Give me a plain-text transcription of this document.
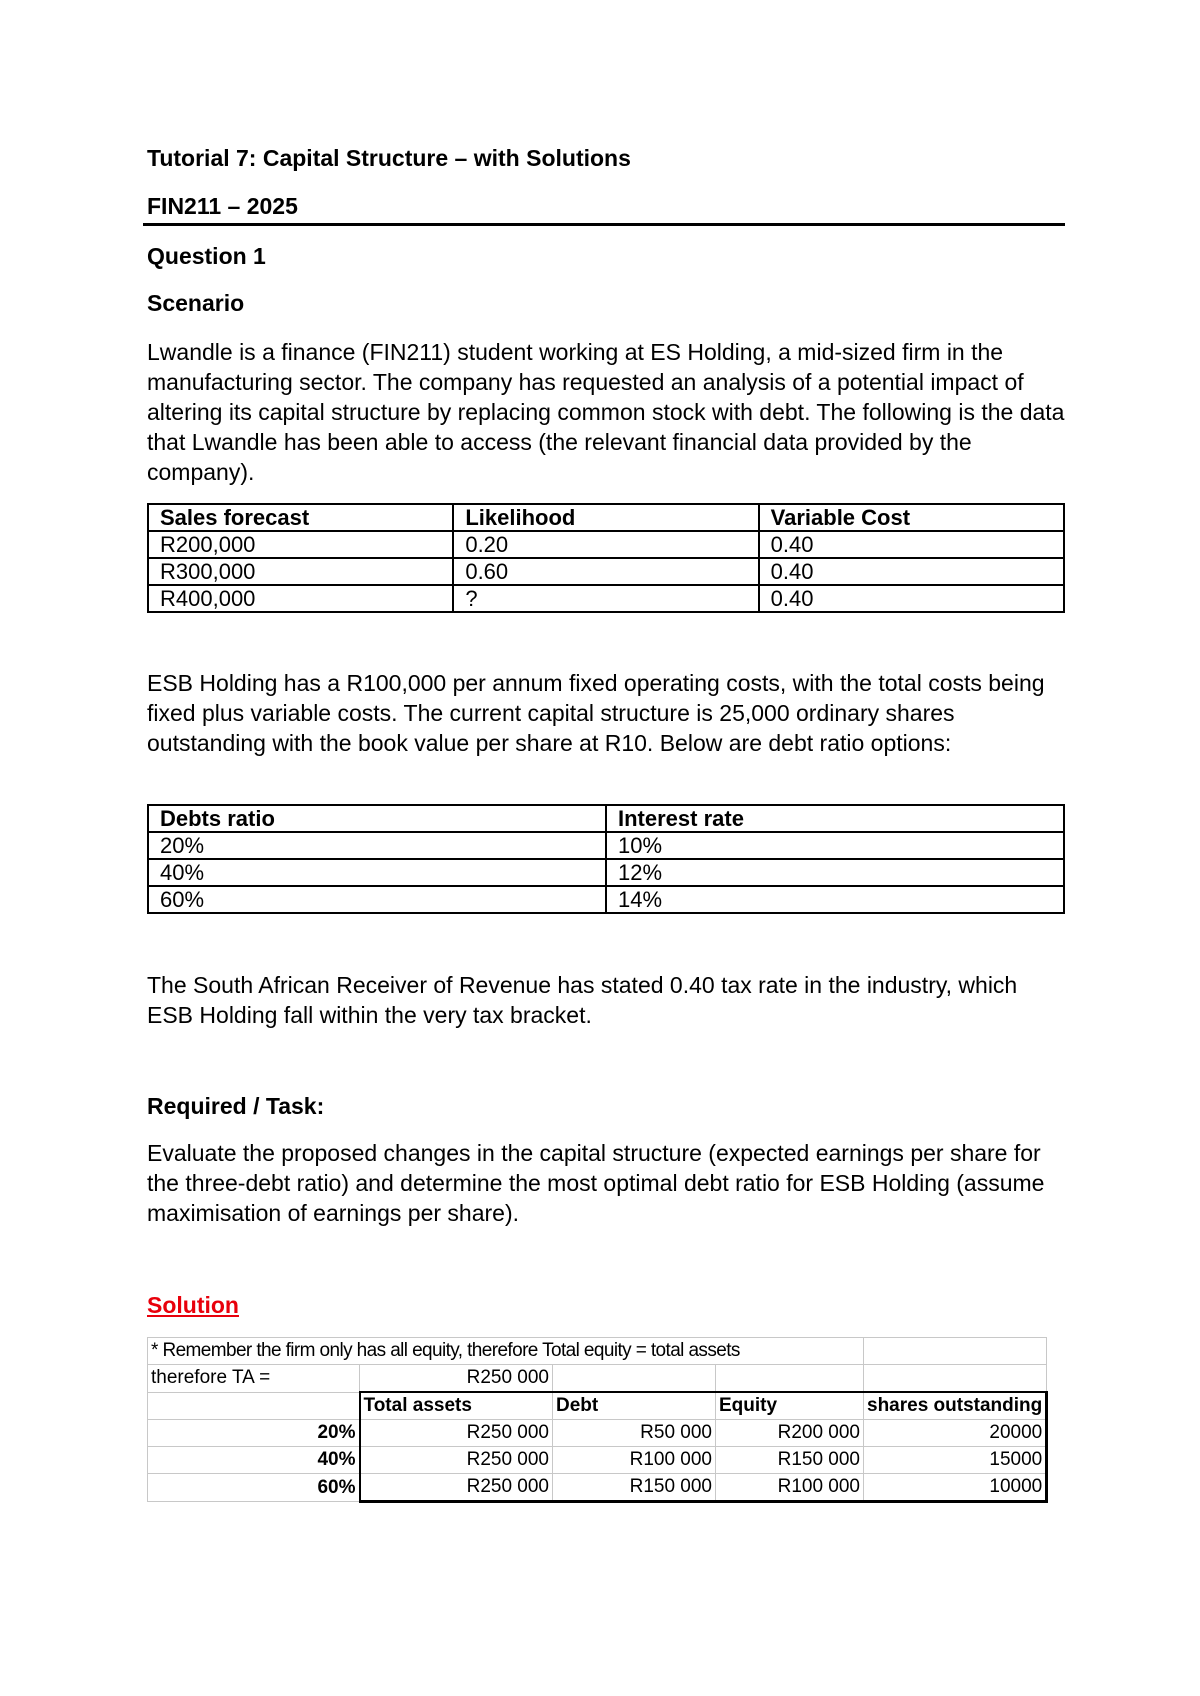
Tutorial 7: Capital Structure – with Solutions
FIN211 – 2025
Question 1
Scenario
Lwandle is a finance (FIN211) student working at ES Holding, a mid-sized firm in the manufacturing sector. The company has requested an analysis of a potential impact of altering its capital structure by replacing common stock with debt. The following is the data that Lwandle has been able to access (the relevant financial data provided by the company).
Sales forecast	Likelihood	Variable Cost
R200,000	0.20	0.40
R300,000	0.60	0.40
R400,000	?	0.40
ESB Holding has a R100,000 per annum fixed operating costs, with the total costs being fixed plus variable costs. The current capital structure is 25,000 ordinary shares outstanding with the book value per share at R10. Below are debt ratio options:
Debts ratio	Interest rate
20%	10%
40%	12%
60%	14%
The South African Receiver of Revenue has stated 0.40 tax rate in the industry, which ESB Holding fall within the very tax bracket.
Required / Task:
Evaluate the proposed changes in the capital structure (expected earnings per share for the three-debt ratio) and determine the most optimal debt ratio for ESB Holding (assume maximisation of earnings per share).
Solution
* Remember the firm only has all equity, therefore Total equity = total assets				
therefore TA =	R250 000			
	Total assets	Debt	Equity	shares outstanding
20%	R250 000	R50 000	R200 000	20000
40%	R250 000	R100 000	R150 000	15000
60%	R250 000	R150 000	R100 000	10000
